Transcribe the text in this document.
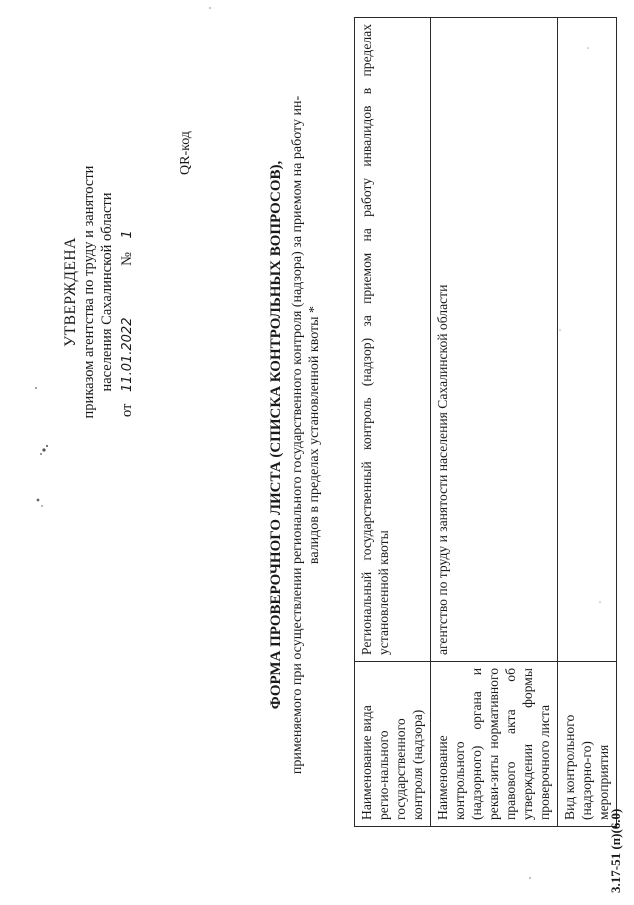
УТВЕРЖДЕНА приказом агентства по труду и занятости населения Сахалинской области
от 11.01.2022 № 1
QR-код
ФОРМА ПРОВЕРОЧНОГО ЛИСТА (СПИСКА КОНТРОЛЬНЫХ ВОПРОСОВ), применяемого при осуществлении регионального государственного контроля (надзора) за приемом на работу ин- валидов в пределах установленной квоты *
Наименование вида регио-нального государственного контроля (надзора)	Региональный государственный контроль (надзор) за приемом на работу инвалидов в пределах установленной квоты
Наименование контрольного (надзорного) органа и рекви-зиты нормативного правового акта об утверждении формы проверочного листа	агентство по труду и занятости населения Сахалинской области
Вид контрольного (надзорно-го) мероприятия	
3.17-51 (п)(6.0)
